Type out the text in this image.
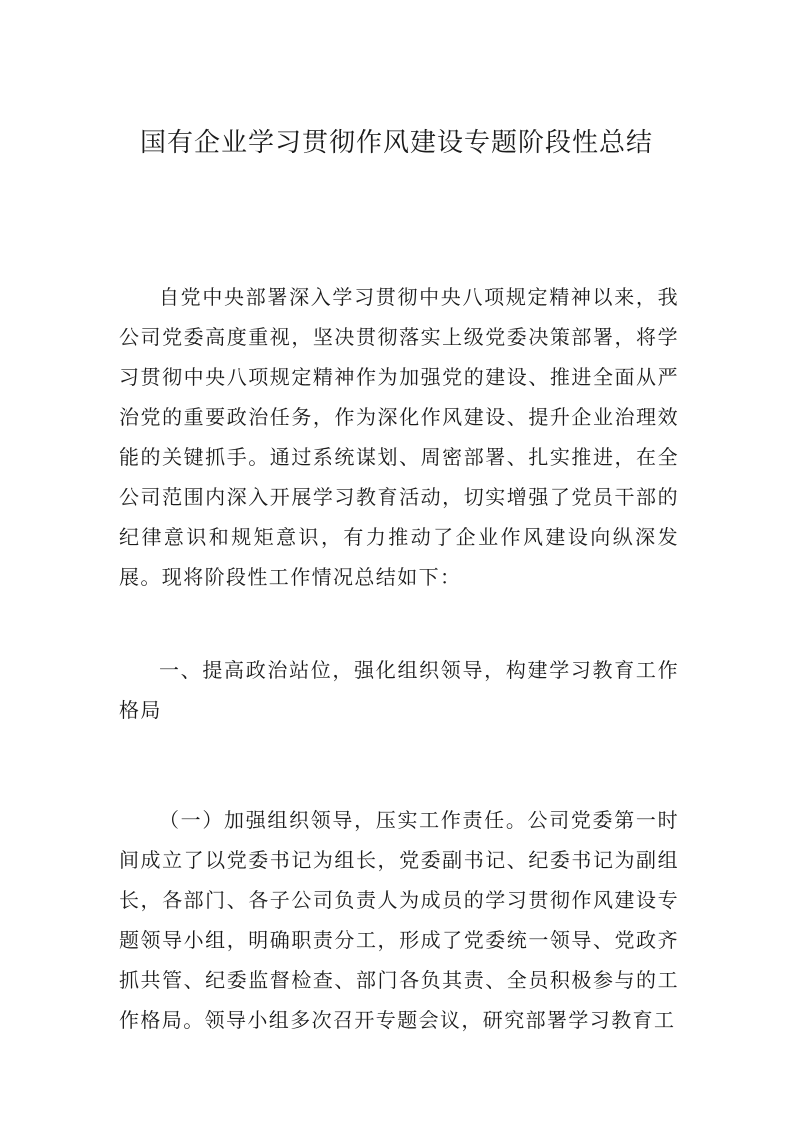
国有企业学习贯彻作风建设专题阶段性总结

自党中央部署深入学习贯彻中央八项规定精神以来，我公司党委高度重视，坚决贯彻落实上级党委决策部署，将学习贯彻中央八项规定精神作为加强党的建设、推进全面从严治党的重要政治任务，作为深化作风建设、提升企业治理效能的关键抓手。通过系统谋划、周密部署、扎实推进，在全公司范围内深入开展学习教育活动，切实增强了党员干部的纪律意识和规矩意识，有力推动了企业作风建设向纵深发展。现将阶段性工作情况总结如下：

一、提高政治站位，强化组织领导，构建学习教育工作格局

（一）加强组织领导，压实工作责任。公司党委第一时间成立了以党委书记为组长，党委副书记、纪委书记为副组长，各部门、各子公司负责人为成员的学习贯彻作风建设专题领导小组，明确职责分工，形成了党委统一领导、党政齐抓共管、纪委监督检查、部门各负其责、全员积极参与的工作格局。领导小组多次召开专题会议，研究部署学习教育工
